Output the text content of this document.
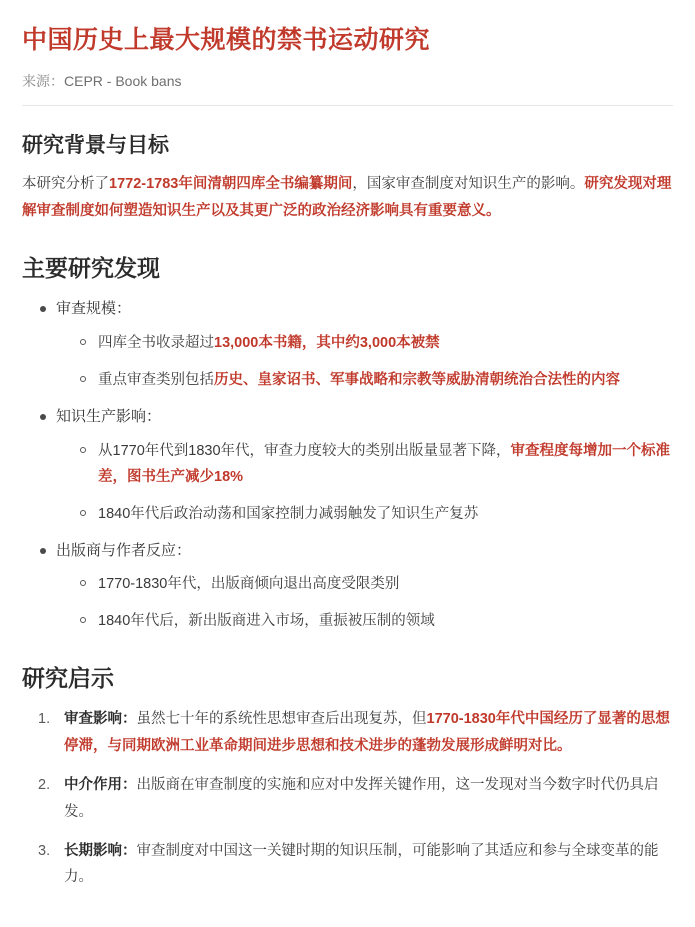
中国历史上最大规模的禁书运动研究
来源：CEPR - Book bans
研究背景与目标

本研究分析了1772-1783年间清朝四库全书编纂期间，国家审查制度对知识生产的影响。研究发现对理解审查制度如何塑造知识生产以及其更广泛的政治经济影响具有重要意义。

主要研究发现
审查规模：
四库全书收录超过13,000本书籍，其中约3,000本被禁
重点审查类别包括历史、皇家诏书、军事战略和宗教等威胁清朝统治合法性的内容
知识生产影响：
从1770年代到1830年代，审查力度较大的类别出版量显著下降，审查程度每增加一个标准差，图书生产减少18%
1840年代后政治动荡和国家控制力减弱触发了知识生产复苏
出版商与作者反应：
1770-1830年代，出版商倾向退出高度受限类别
1840年代后，新出版商进入市场，重振被压制的领域
研究启示
审查影响：虽然七十年的系统性思想审查后出现复苏，但1770-1830年代中国经历了显著的思想停滞，与同期欧洲工业革命期间进步思想和技术进步的蓬勃发展形成鲜明对比。
中介作用：出版商在审查制度的实施和应对中发挥关键作用，这一发现对当今数字时代仍具启发。
长期影响：审查制度对中国这一关键时期的知识压制，可能影响了其适应和参与全球变革的能力。
